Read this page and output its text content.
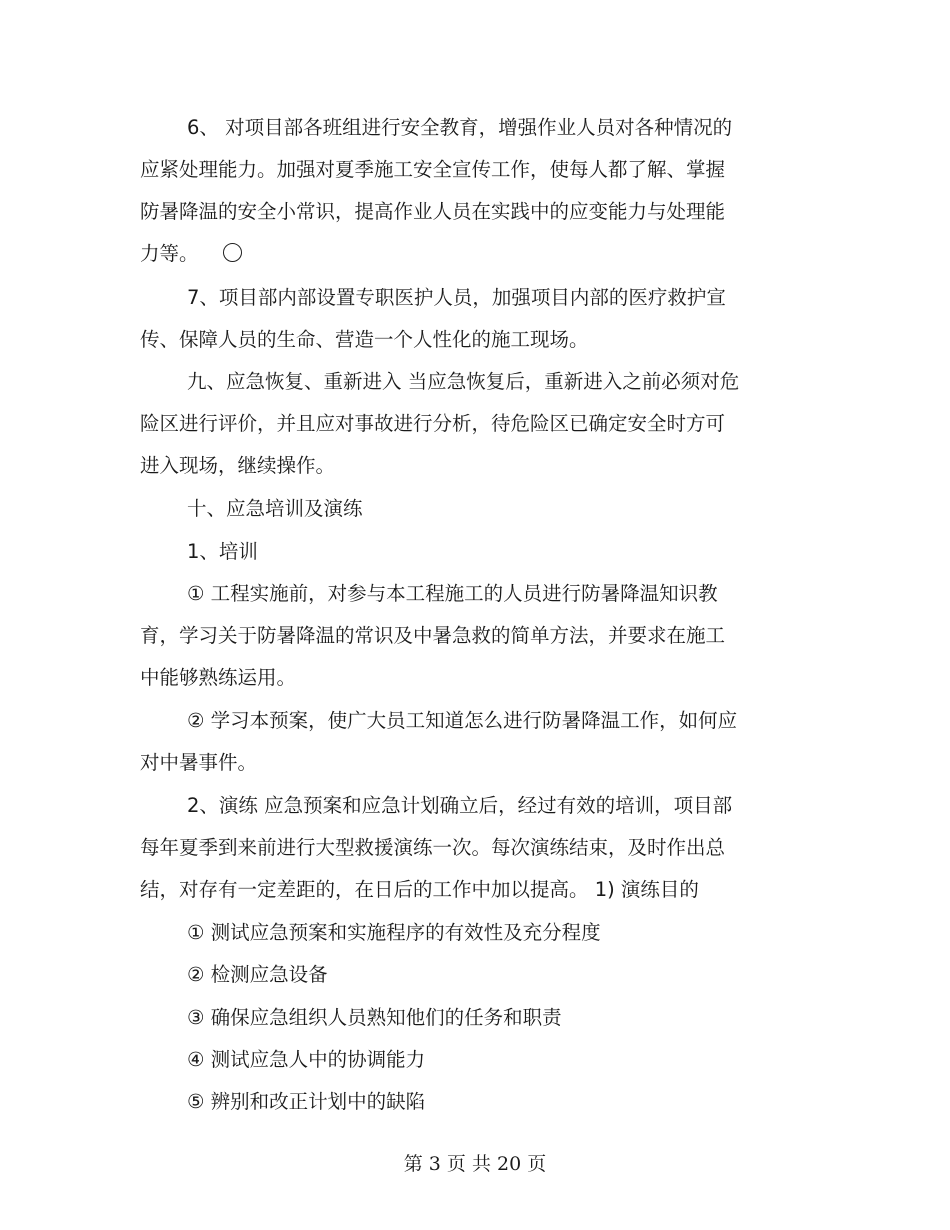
6、 对项目部各班组进行安全教育，增强作业人员对各种情况的
应紧处理能力。加强对夏季施工安全宣传工作，使每人都了解、掌握
防暑降温的安全小常识，提高作业人员在实践中的应变能力与处理能
力等。
7、项目部内部设置专职医护人员，加强项目内部的医疗救护宣
传、保障人员的生命、营造一个人性化的施工现场。
九、应急恢复、重新进入 当应急恢复后，重新进入之前必须对危
险区进行评价，并且应对事故进行分析，待危险区已确定安全时方可
进入现场，继续操作。
十、应急培训及演练
1、培训
① 工程实施前，对参与本工程施工的人员进行防暑降温知识教
育，学习关于防暑降温的常识及中暑急救的简单方法，并要求在施工
中能够熟练运用。
② 学习本预案，使广大员工知道怎么进行防暑降温工作，如何应
对中暑事件。
2、演练 应急预案和应急计划确立后，经过有效的培训，项目部
每年夏季到来前进行大型救援演练一次。每次演练结束，及时作出总
结，对存有一定差距的，在日后的工作中加以提高。 1) 演练目的
① 测试应急预案和实施程序的有效性及充分程度
② 检测应急设备
③ 确保应急组织人员熟知他们的任务和职责
④ 测试应急人中的协调能力
⑤ 辨别和改正计划中的缺陷
第 3 页 共 20 页
